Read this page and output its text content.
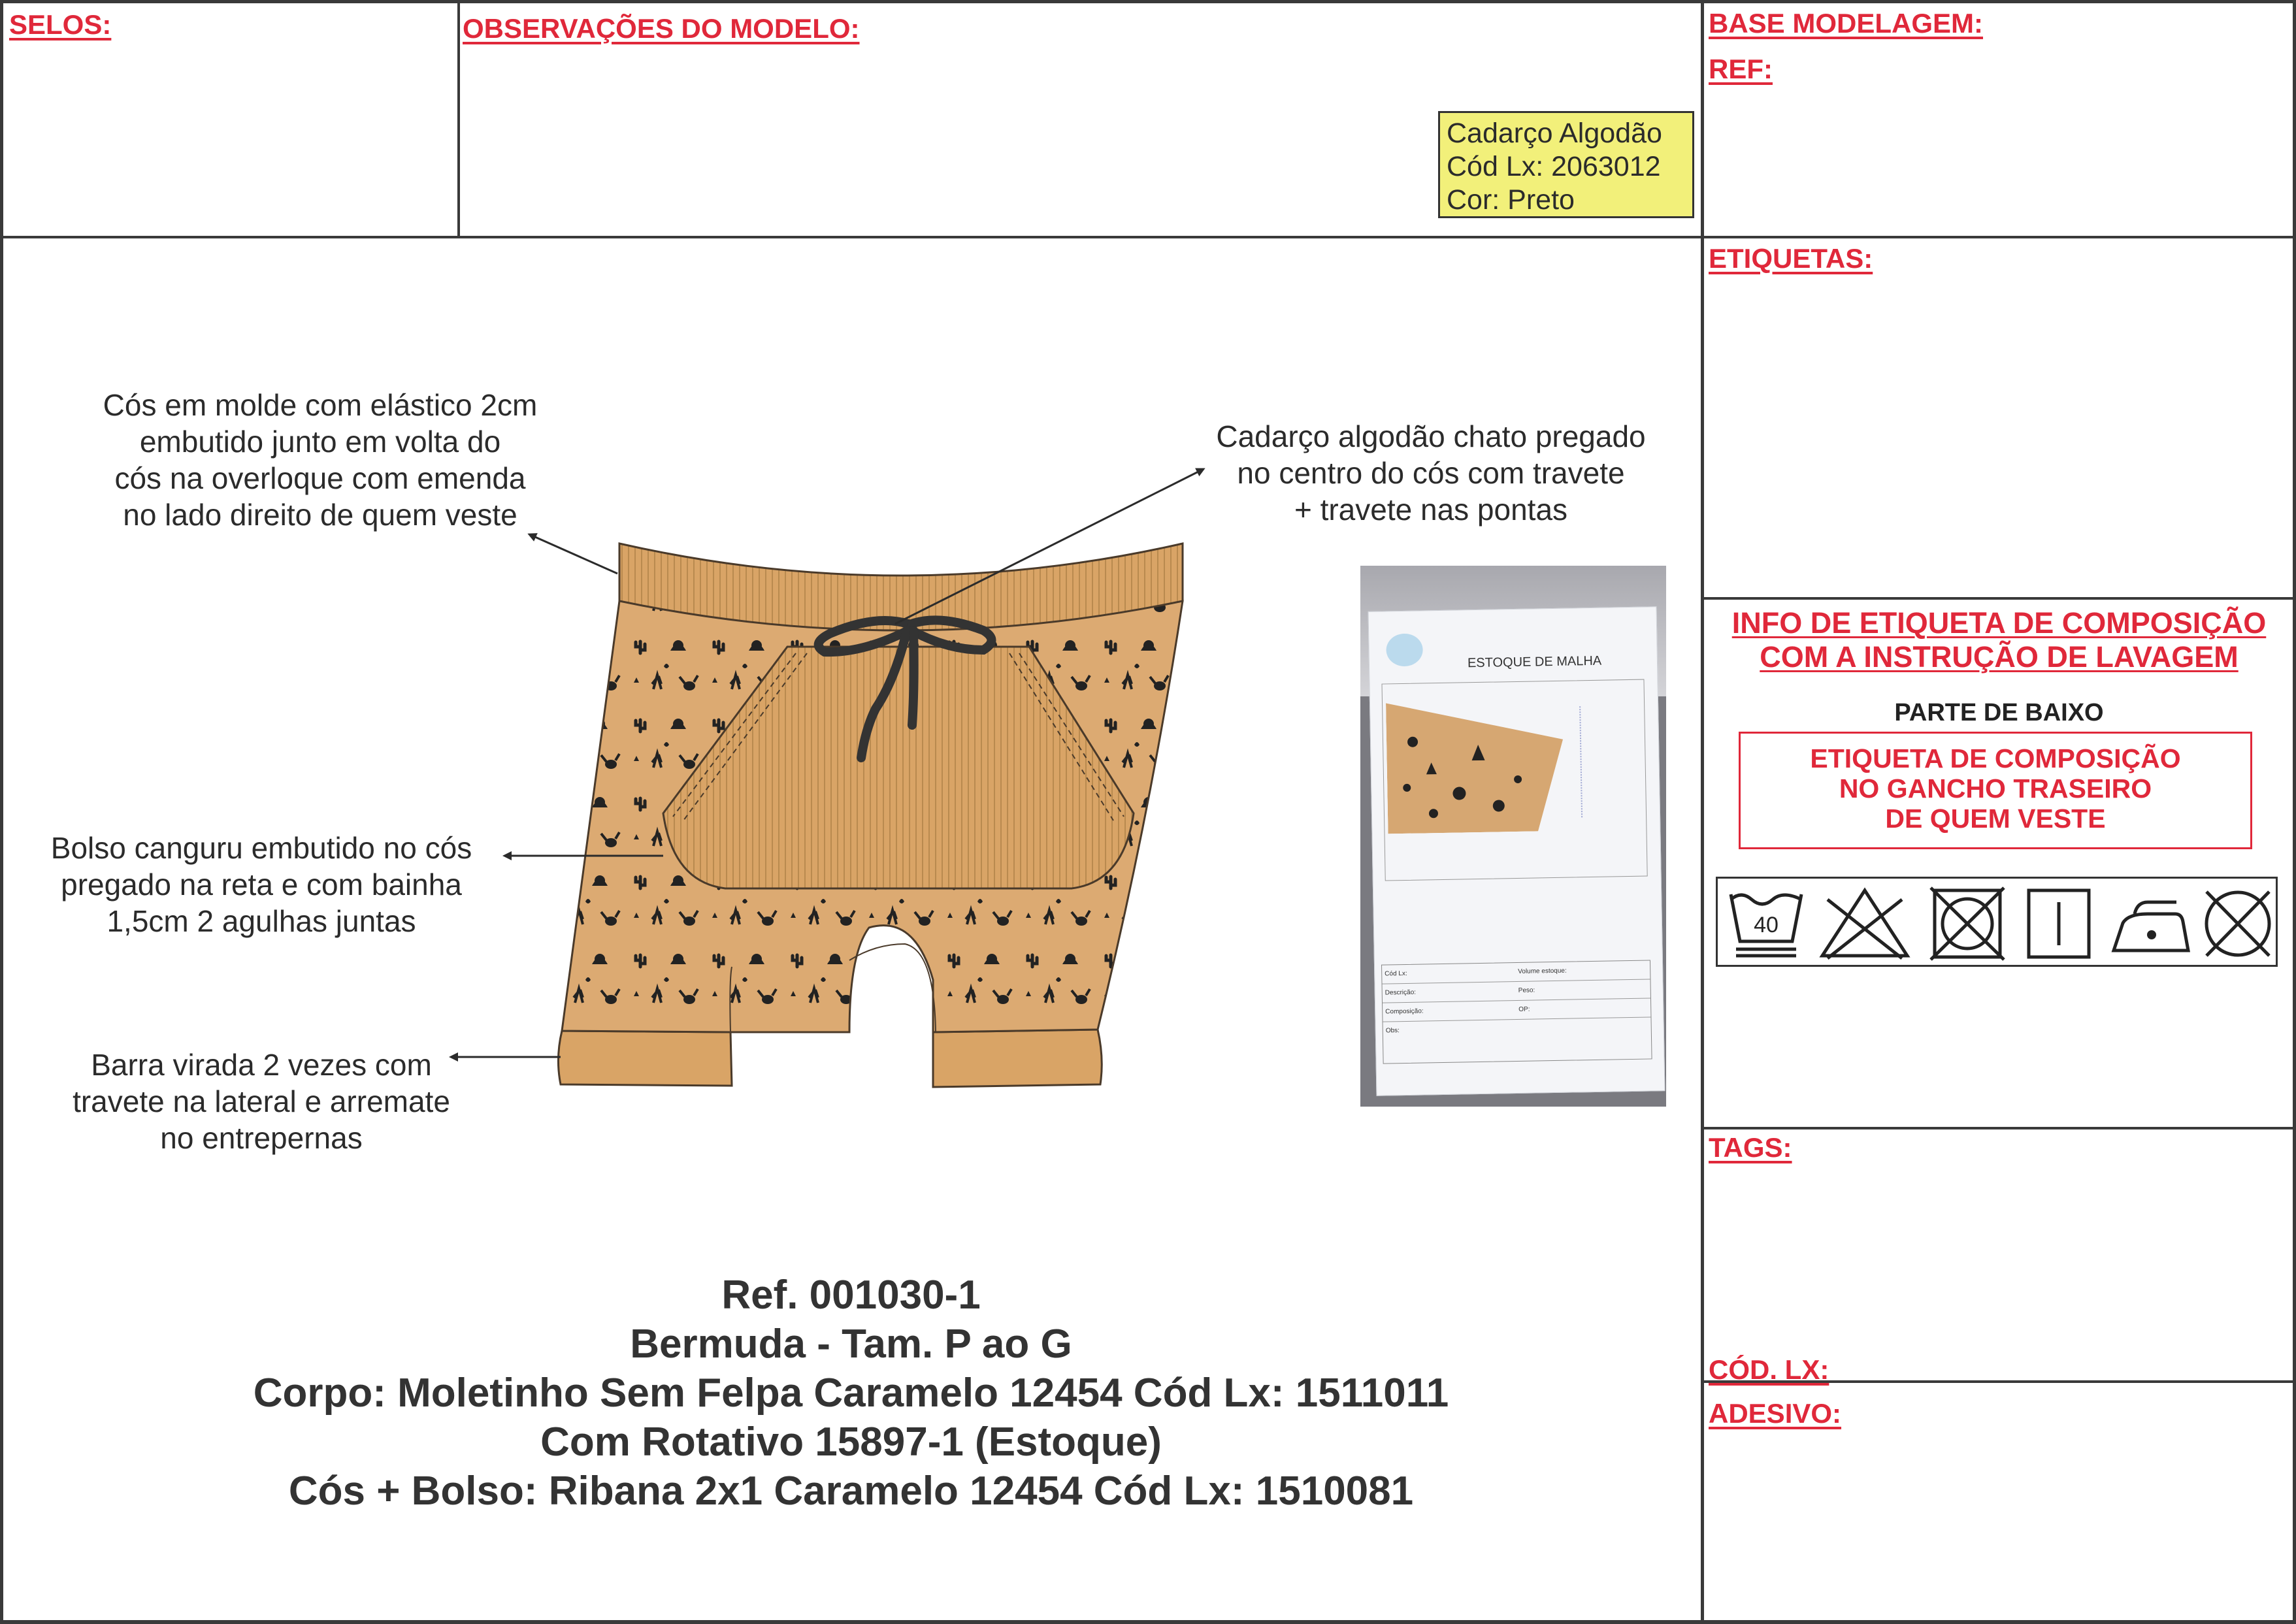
SELOS:	OBSERVAÇÕES DO MODELO:	BASE MODELAGEM:
REF:
ETIQUETAS:
TAGS:
CÓD. LX:
ADESIVO:
Cadarço Algodão
Cód Lx: 2063012
Cor: Preto
Cós em molde com elástico 2cm
embutido junto em volta do
cós na overloque com emenda
no lado direito de quem veste
Cadarço algodão chato pregado
no centro do cós com travete
+ travete nas pontas
Bolso canguru embutido no cós
pregado na reta e com bainha
1,5cm 2 agulhas juntas
Barra virada 2 vezes com
travete na lateral e arremate
no entrepernas
ESTOQUE DE MALHA
Cód Lx:	Volume estoque:
Descrição:	Peso:
Composição:	OP:
Obs:
Ref. 001030-1
Bermuda - Tam. P ao G
Corpo: Moletinho Sem Felpa Caramelo 12454 Cód Lx: 1511011
Com Rotativo 15897-1 (Estoque)
Cós + Bolso: Ribana 2x1 Caramelo 12454 Cód Lx: 1510081
INFO DE ETIQUETA DE COMPOSIÇÃO
COM A INSTRUÇÃO DE LAVAGEM
PARTE DE BAIXO
ETIQUETA DE COMPOSIÇÃO
NO GANCHO TRASEIRO
DE QUEM VESTE
40
